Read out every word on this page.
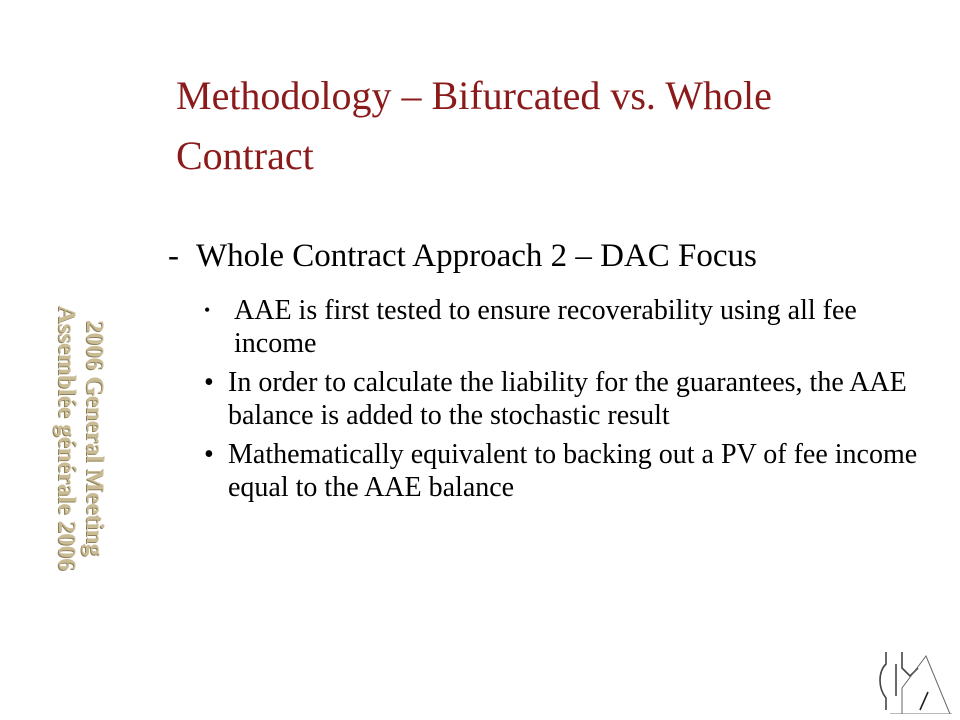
Methodology – Bifurcated vs. Whole Contract
2006 General Meeting
Assemblée générale 2006
- Whole Contract Approach 2 – DAC Focus
• AAE is first tested to ensure recoverability using all fee income
• In order to calculate the liability for the guarantees, the AAE balance is added to the stochastic result
• Mathematically equivalent to backing out a PV of fee income equal to the AAE balance
